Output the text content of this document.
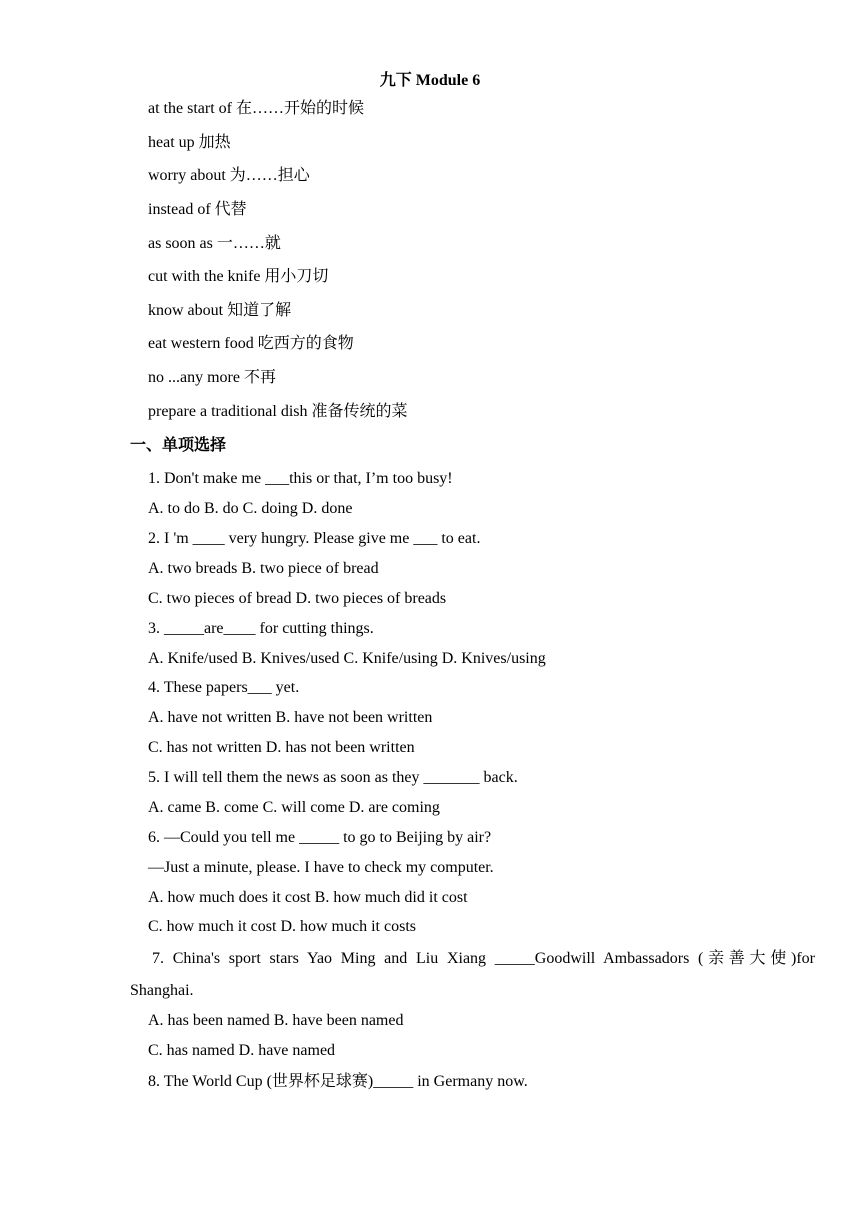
九下 Module 6
at the start of 在……开始的时候
heat up 加热
worry about 为……担心
instead of 代替
as soon as 一……就
cut with the knife 用小刀切
know about 知道了解
eat western food 吃西方的食物
no ...any more 不再
prepare a traditional dish 准备传统的菜
一、单项选择
1. Don't make me ___this or that, I’m too busy!
A. to do B. do C. doing D. done
2. I 'm ____ very hungry. Please give me ___ to eat.
A. two breads B. two piece of bread
C. two pieces of bread D. two pieces of breads
3. _____are____ for cutting things.
A. Knife/used B. Knives/used C. Knife/using D. Knives/using
4. These papers___ yet.
A. have not written B. have not been written
C. has not written D. has not been written
5. I will tell them the news as soon as they _______ back.
A. came B. come C. will come D. are coming
6. —Could you tell me _____ to go to Beijing by air?
—Just a minute, please. I have to check my computer.
A. how much does it cost B. how much did it cost
C. how much it cost D. how much it costs
7. China's sport stars Yao Ming and Liu Xiang _____Goodwill Ambassadors (亲善大使)for
Shanghai.
A. has been named B. have been named
C. has named D. have named
8. The World Cup (世界杯足球赛)_____ in Germany now.
